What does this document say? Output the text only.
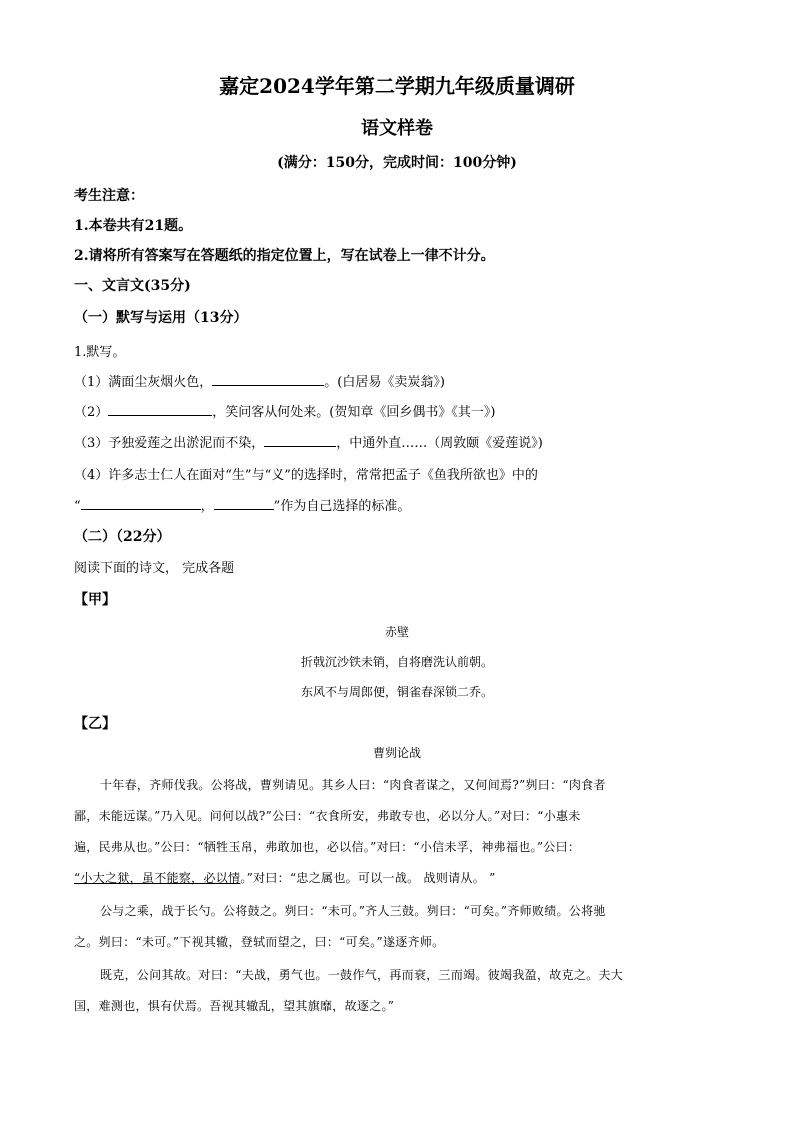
嘉定2024学年第二学期九年级质量调研
语文样卷
(满分：150分，完成时间：100分钟)
考生注意：
1.本卷共有21题。
2.请将所有答案写在答题纸的指定位置上，写在试卷上一律不计分。
一、文言文(35分)
（一）默写与运用（13分）
1.默写。
（1）满面尘灰烟火色，	。(白居易《卖炭翁》)
（2）	，笑问客从何处来。(贺知章《回乡偶书》《其一》)
（3）予独爱莲之出淤泥而不染，	，中通外直……（周敦颐《爱莲说》)
（4）许多志士仁人在面对“生”与“义”的选择时，常常把孟子《鱼我所欲也》中的
“	，	”作为自己选择的标准。
（二）（22分）
阅读下面的诗文， 完成各题
【甲】
赤壁
折戟沉沙铁未销，自将磨洗认前朝。
东风不与周郎便，铜雀春深锁二乔。
【乙】
曹刿论战
十年春，齐师伐我。公将战，曹刿请见。其乡人曰：“肉食者谋之，又何间焉?”刿曰：“肉食者
鄙，未能远谋。”乃入见。问何以战?”公曰：“衣食所安，弗敢专也，必以分人。”对曰：“小惠未
遍，民弗从也。”公曰：“牺牲玉帛，弗敢加也，必以信。”对曰：“小信未孚，神弗福也。”公曰：
“小大之狱，虽不能察，必以情。”对曰：“忠之属也。可以一战。 战则请从。 ”
公与之乘，战于长勺。公将鼓之。刿曰：“未可。”齐人三鼓。刿曰：“可矣。”齐师败绩。公将驰
之。刿曰：“未可。”下视其辙，登轼而望之，曰：“可矣。”遂逐齐师。
既克，公问其故。对曰：“夫战，勇气也。一鼓作气，再而衰，三而竭。彼竭我盈，故克之。夫大
国，难测也，惧有伏焉。吾视其辙乱，望其旗靡，故逐之。”
